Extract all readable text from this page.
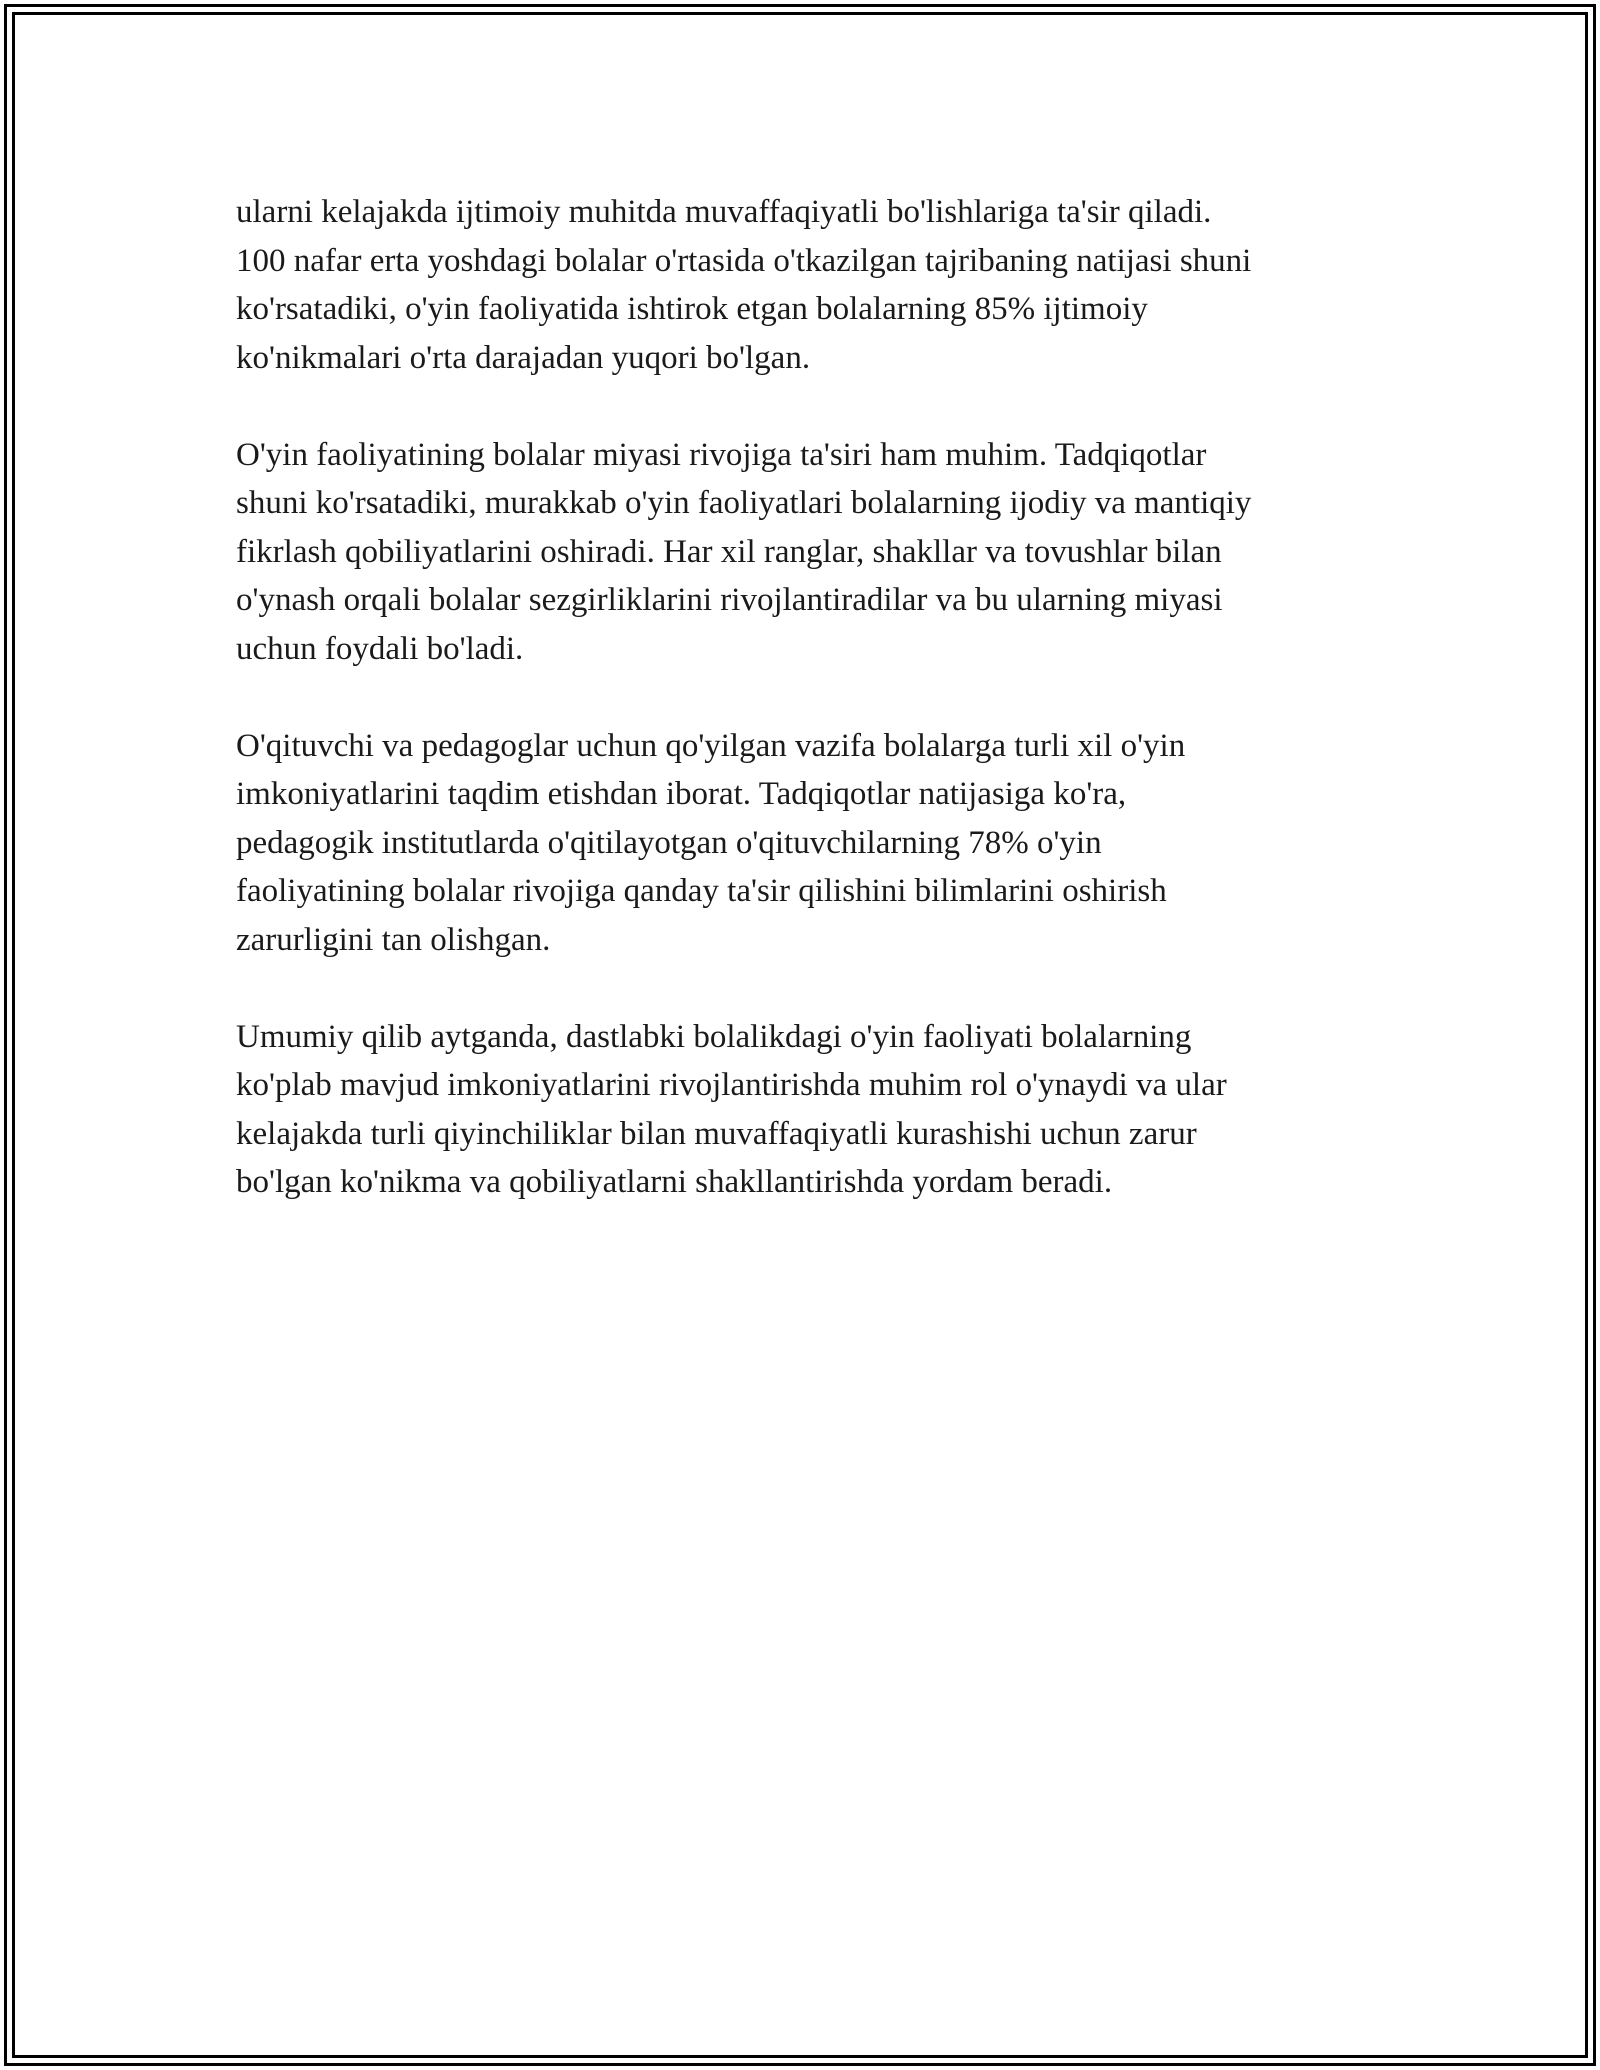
ularni kelajakda ijtimoiy muhitda muvaffaqiyatli bo'lishlariga ta'sir qiladi.
100 nafar erta yoshdagi bolalar o'rtasida o'tkazilgan tajribaning natijasi shuni
ko'rsatadiki, o'yin faoliyatida ishtirok etgan bolalarning 85% ijtimoiy
ko'nikmalari o'rta darajadan yuqori bo'lgan.

O'yin faoliyatining bolalar miyasi rivojiga ta'siri ham muhim. Tadqiqotlar
shuni ko'rsatadiki, murakkab o'yin faoliyatlari bolalarning ijodiy va mantiqiy
fikrlash qobiliyatlarini oshiradi. Har xil ranglar, shakllar va tovushlar bilan
o'ynash orqali bolalar sezgirliklarini rivojlantiradilar va bu ularning miyasi
uchun foydali bo'ladi.

O'qituvchi va pedagoglar uchun qo'yilgan vazifa bolalarga turli xil o'yin
imkoniyatlarini taqdim etishdan iborat. Tadqiqotlar natijasiga ko'ra,
pedagogik institutlarda o'qitilayotgan o'qituvchilarning 78% o'yin
faoliyatining bolalar rivojiga qanday ta'sir qilishini bilimlarini oshirish
zarurligini tan olishgan.

Umumiy qilib aytganda, dastlabki bolalikdagi o'yin faoliyati bolalarning
ko'plab mavjud imkoniyatlarini rivojlantirishda muhim rol o'ynaydi va ular
kelajakda turli qiyinchiliklar bilan muvaffaqiyatli kurashishi uchun zarur
bo'lgan ko'nikma va qobiliyatlarni shakllantirishda yordam beradi.
